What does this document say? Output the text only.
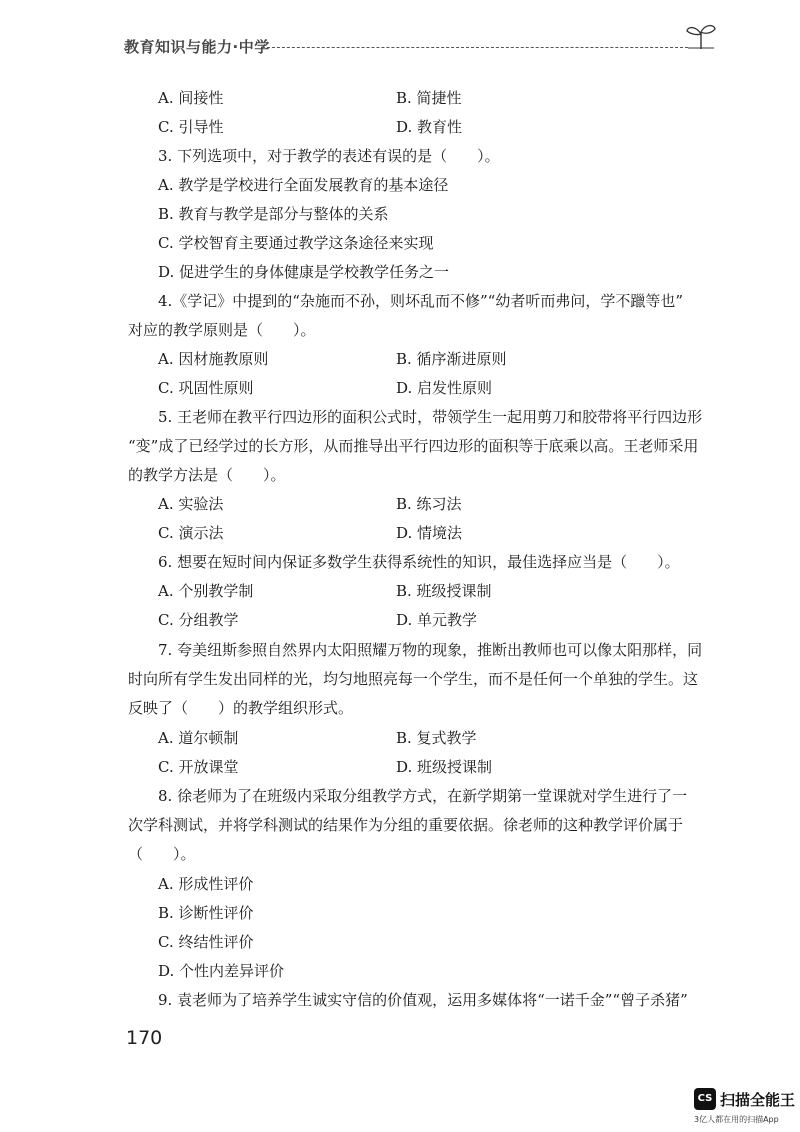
教育知识与能力·中学
A. 间接性	B. 简捷性
C. 引导性	D. 教育性
3. 下列选项中，对于教学的表述有误的是（　　）。
A. 教学是学校进行全面发展教育的基本途径
B. 教育与教学是部分与整体的关系
C. 学校智育主要通过教学这条途径来实现
D. 促进学生的身体健康是学校教学任务之一
4.《学记》中提到的“杂施而不孙，则坏乱而不修”“幼者听而弗问，学不躐等也”
对应的教学原则是（　　）。
A. 因材施教原则	B. 循序渐进原则
C. 巩固性原则	D. 启发性原则
5. 王老师在教平行四边形的面积公式时，带领学生一起用剪刀和胶带将平行四边形
“变”成了已经学过的长方形，从而推导出平行四边形的面积等于底乘以高。王老师采用
的教学方法是（　　）。
A. 实验法	B. 练习法
C. 演示法	D. 情境法
6. 想要在短时间内保证多数学生获得系统性的知识，最佳选择应当是（　　）。
A. 个别教学制	B. 班级授课制
C. 分组教学	D. 单元教学
7. 夸美纽斯参照自然界内太阳照耀万物的现象，推断出教师也可以像太阳那样，同
时向所有学生发出同样的光，均匀地照亮每一个学生，而不是任何一个单独的学生。这
反映了（　　）的教学组织形式。
A. 道尔顿制	B. 复式教学
C. 开放课堂	D. 班级授课制
8. 徐老师为了在班级内采取分组教学方式，在新学期第一堂课就对学生进行了一
次学科测试，并将学科测试的结果作为分组的重要依据。徐老师的这种教学评价属于
（　　）。
A. 形成性评价
B. 诊断性评价
C. 终结性评价
D. 个性内差异评价
9. 袁老师为了培养学生诚实守信的价值观，运用多媒体将“一诺千金”“曾子杀猪”
170
CS 扫描全能王
3亿人都在用的扫描App
